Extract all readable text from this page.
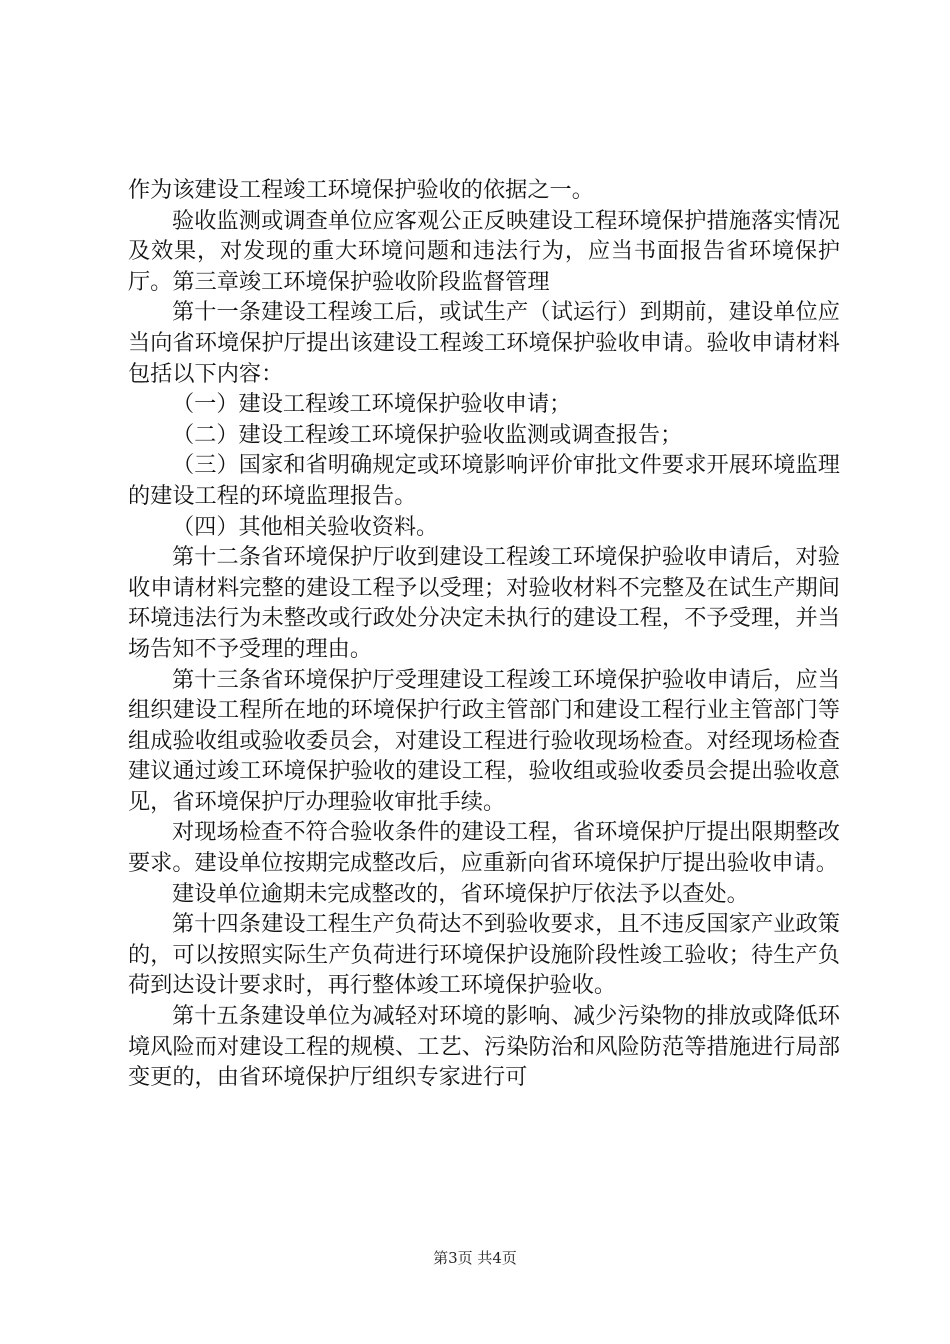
作为该建设工程竣工环境保护验收的依据之一。

验收监测或调查单位应客观公正反映建设工程环境保护措施落实情况及效果，对发现的重大环境问题和违法行为，应当书面报告省环境保护厅。第三章竣工环境保护验收阶段监督管理

第十一条建设工程竣工后，或试生产（试运行）到期前，建设单位应当向省环境保护厅提出该建设工程竣工环境保护验收申请。验收申请材料包括以下内容：

（一）建设工程竣工环境保护验收申请；

（二）建设工程竣工环境保护验收监测或调查报告；

（三）国家和省明确规定或环境影响评价审批文件要求开展环境监理的建设工程的环境监理报告。

（四）其他相关验收资料。

第十二条省环境保护厅收到建设工程竣工环境保护验收申请后，对验收申请材料完整的建设工程予以受理；对验收材料不完整及在试生产期间环境违法行为未整改或行政处分决定未执行的建设工程，不予受理，并当场告知不予受理的理由。

第十三条省环境保护厅受理建设工程竣工环境保护验收申请后，应当组织建设工程所在地的环境保护行政主管部门和建设工程行业主管部门等组成验收组或验收委员会，对建设工程进行验收现场检查。对经现场检查建议通过竣工环境保护验收的建设工程，验收组或验收委员会提出验收意见，省环境保护厅办理验收审批手续。

对现场检查不符合验收条件的建设工程，省环境保护厅提出限期整改要求。建设单位按期完成整改后，应重新向省环境保护厅提出验收申请。

建设单位逾期未完成整改的，省环境保护厅依法予以查处。

第十四条建设工程生产负荷达不到验收要求，且不违反国家产业政策的，可以按照实际生产负荷进行环境保护设施阶段性竣工验收；待生产负荷到达设计要求时，再行整体竣工环境保护验收。

第十五条建设单位为减轻对环境的影响、减少污染物的排放或降低环境风险而对建设工程的规模、工艺、污染防治和风险防范等措施进行局部变更的，由省环境保护厅组织专家进行可

第3页 共4页
